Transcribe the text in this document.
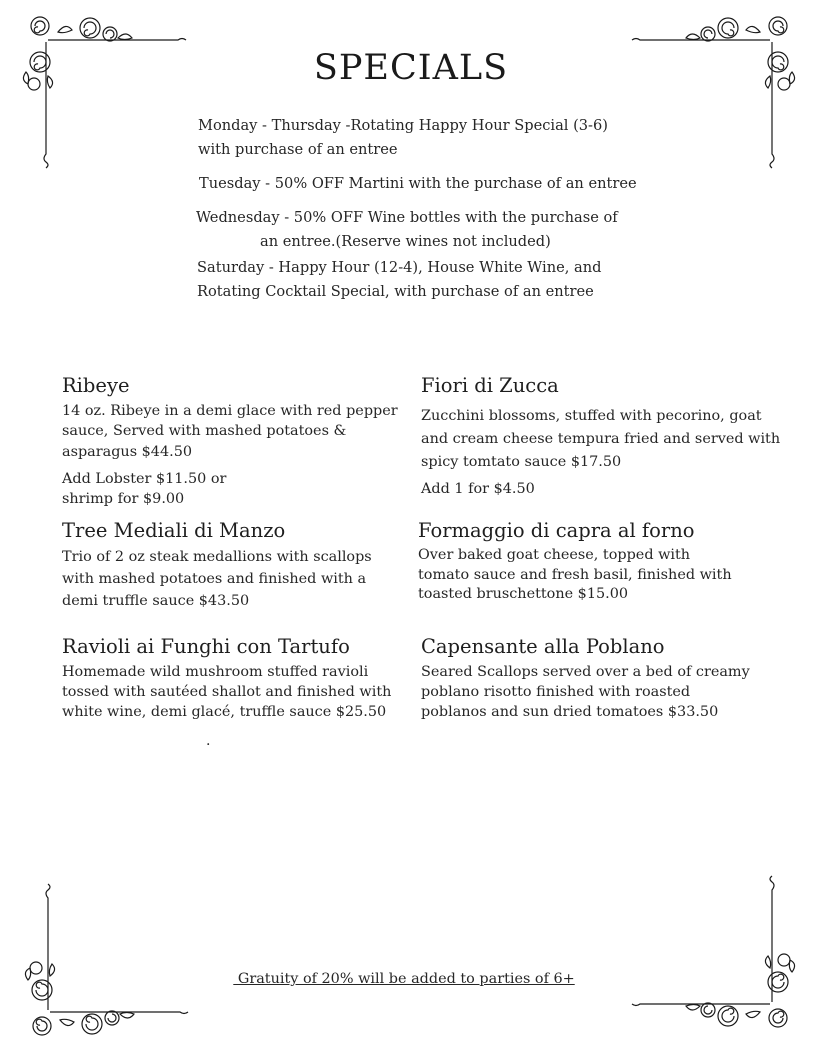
SPECIALS
Monday - Thursday -Rotating Happy Hour Special (3-6)
with purchase of an entree
Tuesday - 50% OFF Martini with the purchase of an entree
Wednesday - 50% OFF Wine bottles with the purchase of
an entree.(Reserve wines not included)
Saturday - Happy Hour (12-4), House White Wine, and
Rotating Cocktail Special, with purchase of an entree
Ribeye
14 oz. Ribeye in a demi glace with red pepper
sauce, Served with mashed potatoes &
asparagus $44.50
Add Lobster $11.50 or
shrimp for $9.00
Fiori di Zucca
Zucchini blossoms, stuffed with pecorino, goat
and cream cheese tempura fried and served with
spicy tomtato sauce $17.50
Add 1 for $4.50
Tree Mediali di Manzo
Trio of 2 oz steak medallions with scallops
with mashed potatoes and finished with a
demi truffle sauce $43.50
Formaggio di capra al forno
Over baked goat cheese, topped with
tomato sauce and fresh basil, finished with
toasted bruschettone $15.00
Ravioli ai Funghi con Tartufo
Homemade wild mushroom stuffed ravioli
tossed with sautéed shallot and finished with
white wine, demi glacé, truffle sauce $25.50
Capensante alla Poblano
Seared Scallops served over a bed of creamy
poblano risotto finished with roasted
poblanos and sun dried tomatoes $33.50
.
Gratuity of 20% will be added to parties of 6+
